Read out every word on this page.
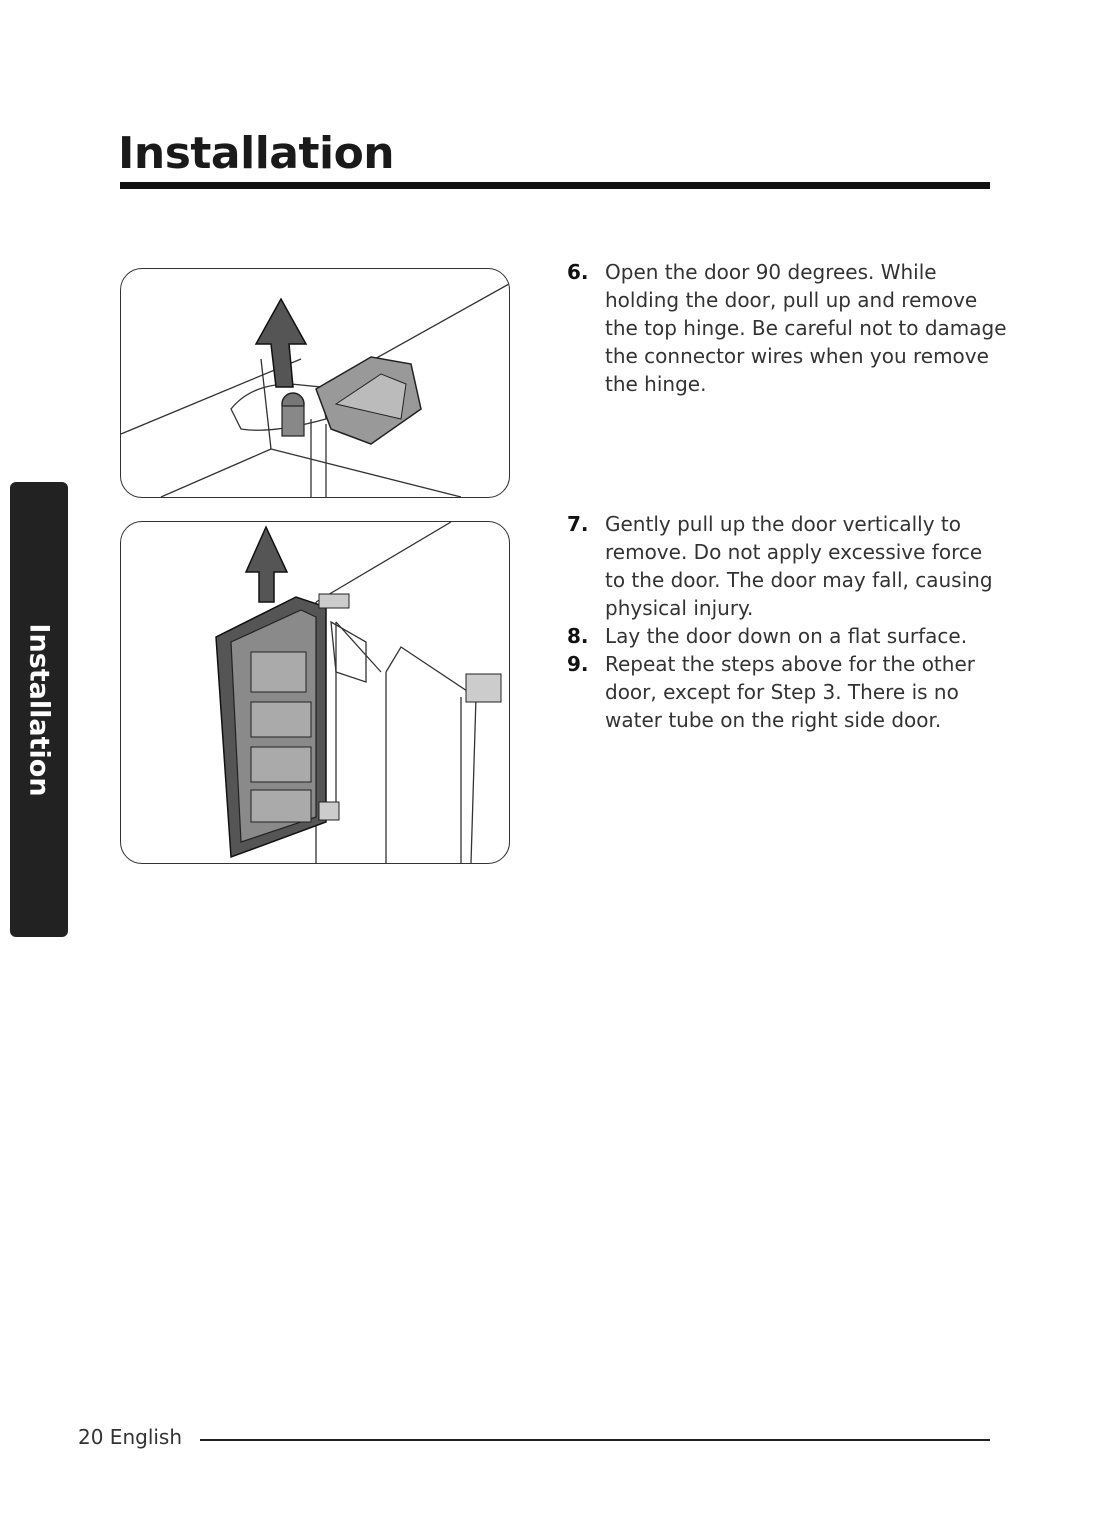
Installation
Installation
6. Open the door 90 degrees. While holding the door, pull up and remove the top hinge. Be careful not to damage the connector wires when you remove the hinge.
7. Gently pull up the door vertically to remove. Do not apply excessive force to the door. The door may fall, causing physical injury.
8. Lay the door down on a flat surface.
9. Repeat the steps above for the other door, except for Step 3. There is no water tube on the right side door.
20 English
